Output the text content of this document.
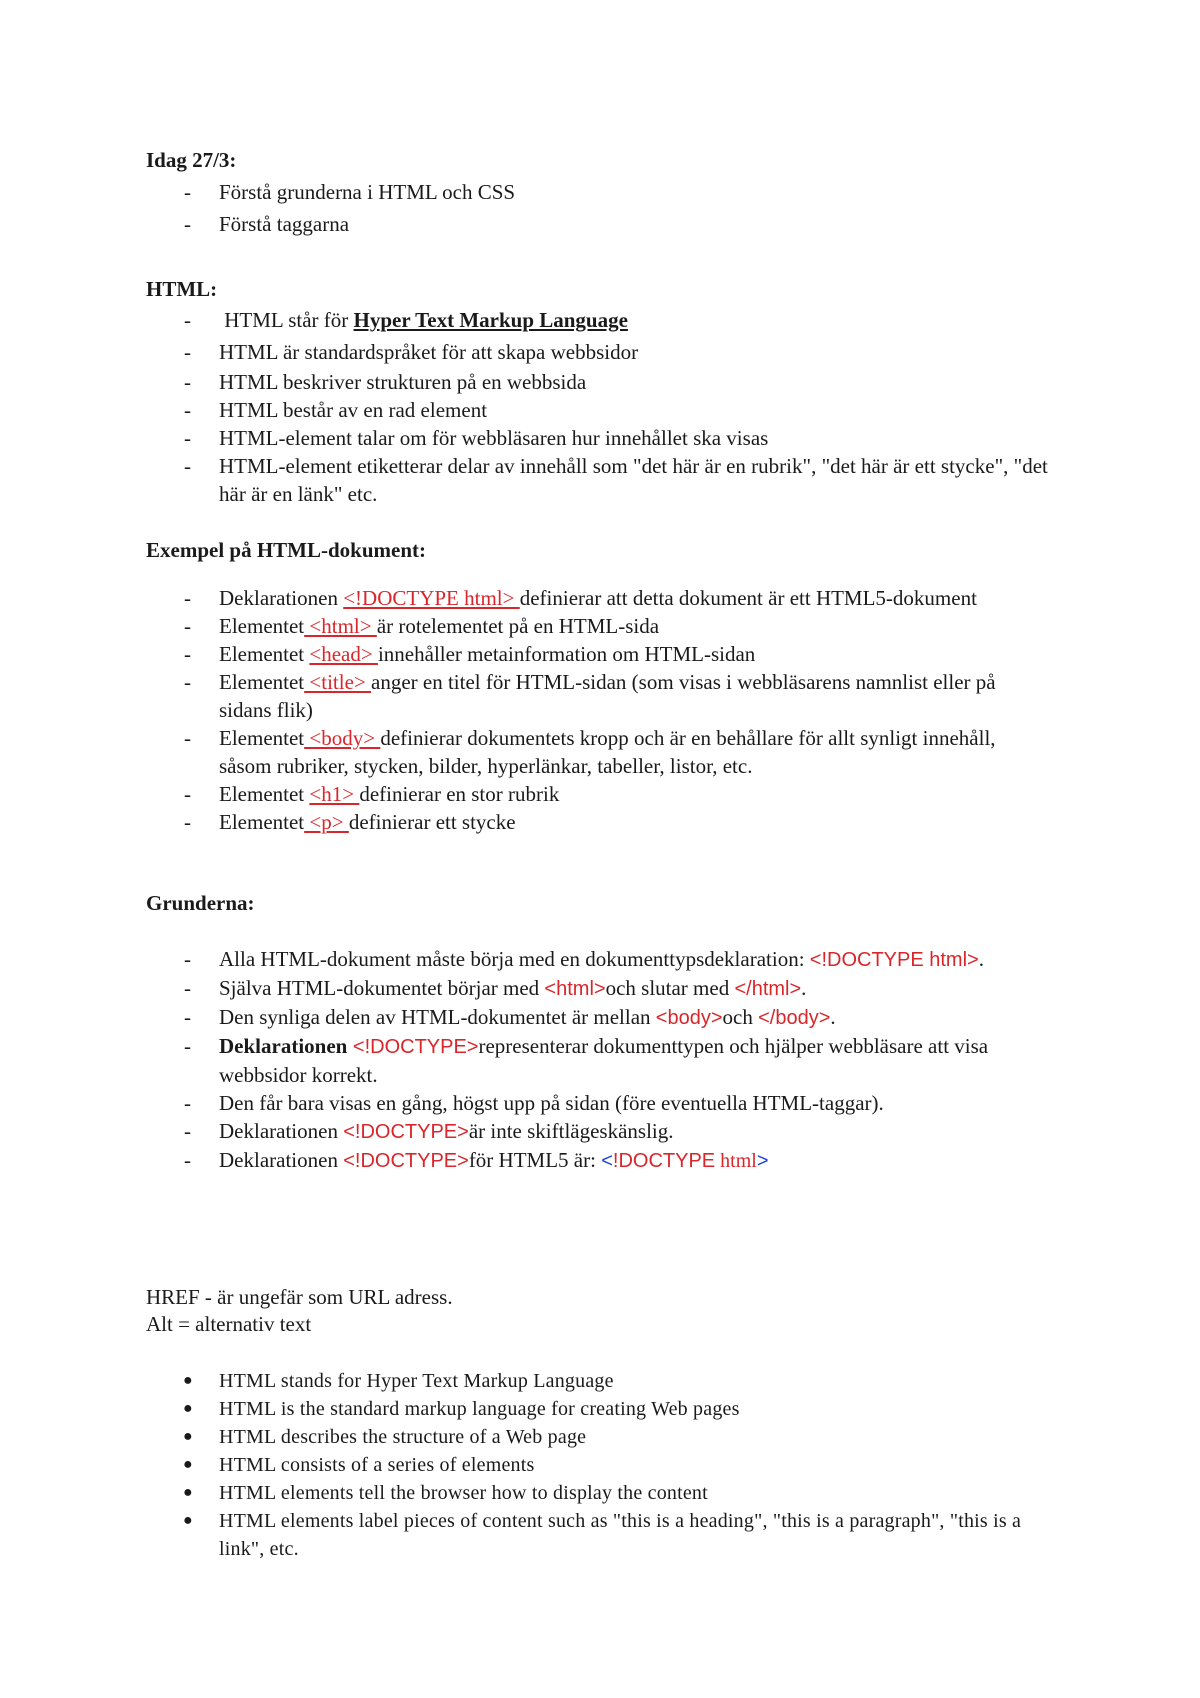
Idag 27/3:

- Förstå grunderna i HTML och CSS
- Förstå taggarna

HTML:

- HTML står för Hyper Text Markup Language
- HTML är standardspråket för att skapa webbsidor
- HTML beskriver strukturen på en webbsida
- HTML består av en rad element
- HTML-element talar om för webbläsaren hur innehållet ska visas
- HTML-element etiketterar delar av innehåll som "det här är en rubrik", "det här är ett stycke", "det här är en länk" etc.

Exempel på HTML-dokument:

- Deklarationen <!DOCTYPE html> definierar att detta dokument är ett HTML5-dokument
- Elementet <html> är rotelementet på en HTML-sida
- Elementet <head> innehåller metainformation om HTML-sidan
- Elementet <title> anger en titel för HTML-sidan (som visas i webbläsarens namnlist eller på sidans flik)
- Elementet <body> definierar dokumentets kropp och är en behållare för allt synligt innehåll, såsom rubriker, stycken, bilder, hyperlänkar, tabeller, listor, etc.
- Elementet <h1> definierar en stor rubrik
- Elementet <p> definierar ett stycke

Grunderna:

- Alla HTML-dokument måste börja med en dokumenttypsdeklaration: <!DOCTYPE html>.
- Själva HTML-dokumentet börjar med <html>och slutar med </html>.
- Den synliga delen av HTML-dokumentet är mellan <body>och </body>.
- Deklarationen <!DOCTYPE>representerar dokumenttypen och hjälper webbläsare att visa webbsidor korrekt.
- Den får bara visas en gång, högst upp på sidan (före eventuella HTML-taggar).
- Deklarationen <!DOCTYPE>är inte skiftlägeskänslig.
- Deklarationen <!DOCTYPE>för HTML5 är: <!DOCTYPE html>

HREF - är ungefär som URL adress.

Alt = alternativ text

● HTML stands for Hyper Text Markup Language
● HTML is the standard markup language for creating Web pages
● HTML describes the structure of a Web page
● HTML consists of a series of elements
● HTML elements tell the browser how to display the content
● HTML elements label pieces of content such as "this is a heading", "this is a paragraph", "this is a link", etc.
